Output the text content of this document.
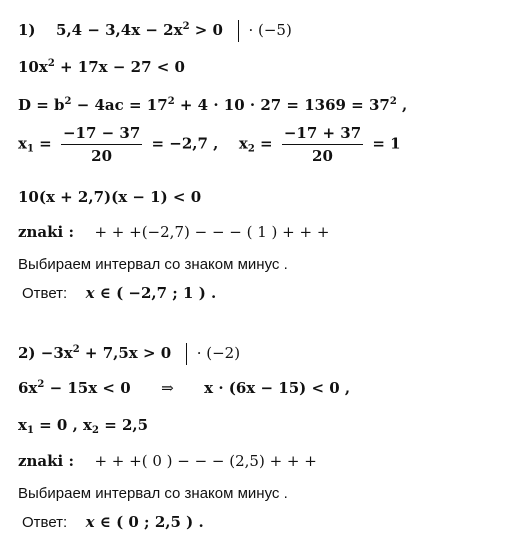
1) $5,4 - 3,4x - 2x^2 > 0 \cdot (-5)$
$10x^2 + 17x - 27 < 0$
$D = b^2 - 4ac = 17^2 + 4 \cdot 10 \cdot 27 = 1369 = 37^2$ ,
$x_1 = \frac{-17 - 37}{20} = -2,7$ , $x_2 = \frac{-17 + 37}{20} = 1$
10(x + 2,7)(x − 1) < 0
znaki : + + +(−2,7) − − − ( 1 ) + + +
Выбираем интервал со знаком минус .
Ответ: x ∈ ( −2,7 ; 1 ) .
$2) -3x^2 + 7,5x > 0 \cdot (-2)$
$6x^2 - 15x < 0$ ⇒ x · (6x − 15) < 0 ,
$x_1 = 0$ , $x_2 = 2,5$
znaki : + + +( 0 ) − − − (2,5) + + +
Выбираем интервал со знаком минус .
Ответ: x ∈ ( 0 ; 2,5 ) .
